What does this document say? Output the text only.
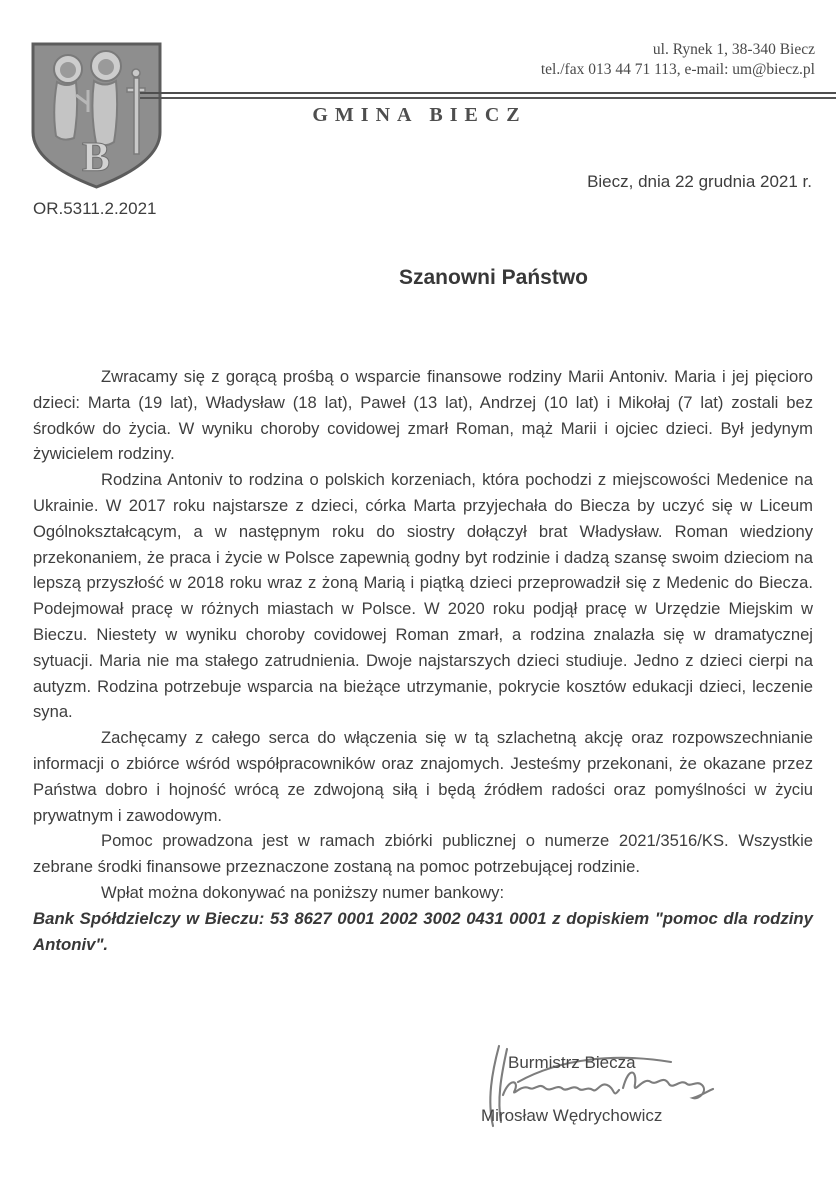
B
ul. Rynek 1, 38-340 Biecz
tel./fax 013 44 71 113, e-mail: um@biecz.pl
GMINA BIECZ
Biecz, dnia 22 grudnia 2021 r.
OR.5311.2.2021
Szanowni Państwo

Zwracamy się z gorącą prośbą o wsparcie finansowe rodziny Marii Antoniv. Maria i jej pięcioro dzieci: Marta (19 lat), Władysław (18 lat), Paweł (13 lat), Andrzej (10 lat) i Mikołaj (7 lat) zostali bez środków do życia. W wyniku choroby covidowej zmarł Roman, mąż Marii i ojciec dzieci. Był jedynym żywicielem rodziny.

Rodzina Antoniv to rodzina o polskich korzeniach, która pochodzi z miejscowości Medenice na Ukrainie. W 2017 roku najstarsze z dzieci, córka Marta przyjechała do Biecza by uczyć się w Liceum Ogólnokształcącym, a w następnym roku do siostry dołączył brat Władysław. Roman wiedziony przekonaniem, że praca i życie w Polsce zapewnią godny byt rodzinie i dadzą szansę swoim dzieciom na lepszą przyszłość w 2018 roku wraz z żoną Marią i piątką dzieci przeprowadził się z Medenic do Biecza. Podejmował pracę w różnych miastach w Polsce. W 2020 roku podjął pracę w Urzędzie Miejskim w Bieczu. Niestety w wyniku choroby covidowej Roman zmarł, a rodzina znalazła się w dramatycznej sytuacji. Maria nie ma stałego zatrudnienia. Dwoje najstarszych dzieci studiuje. Jedno z dzieci cierpi na autyzm. Rodzina potrzebuje wsparcia na bieżące utrzymanie, pokrycie kosztów edukacji dzieci, leczenie syna.

Zachęcamy z całego serca do włączenia się w tą szlachetną akcję oraz rozpowszechnianie informacji o zbiórce wśród współpracowników oraz znajomych. Jesteśmy przekonani, że okazane przez Państwa dobro i hojność wrócą ze zdwojoną siłą i będą źródłem radości oraz pomyślności w życiu prywatnym i zawodowym.

Pomoc prowadzona jest w ramach zbiórki publicznej o numerze 2021/3516/KS. Wszystkie zebrane środki finansowe przeznaczone zostaną na pomoc potrzebującej rodzinie.

Wpłat można dokonywać na poniższy numer bankowy:

Bank Spółdzielczy w Bieczu: 53 8627 0001 2002 3002 0431 0001 z dopiskiem "pomoc dla rodziny Antoniv".

Burmistrz Biecza
Mirosław Wędrychowicz
